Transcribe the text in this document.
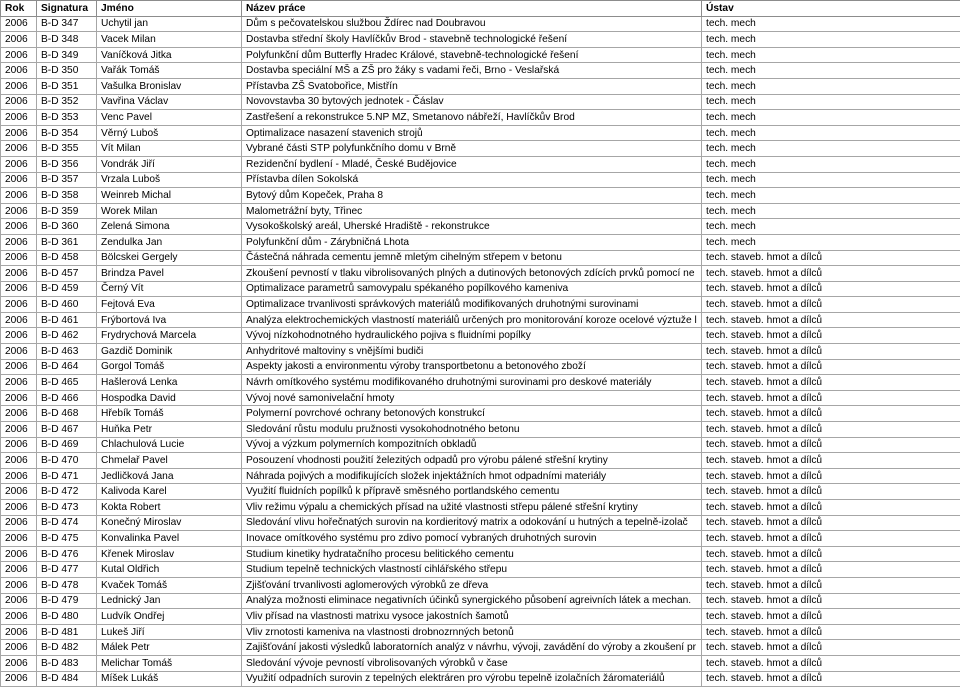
Rok	Signatura	Jméno	Název práce	Ústav
2006	B-D 347	Uchytil jan	Dům s pečovatelskou službou Ždírec nad Doubravou	tech. mech
2006	B-D 348	Vacek Milan	Dostavba střední školy Havlíčkův Brod - stavebně technologické řešení	tech. mech
2006	B-D 349	Vaníčková Jitka	Polyfunkční dům Butterfly Hradec Králové, stavebně-technologické řešení	tech. mech
2006	B-D 350	Vařák Tomáš	Dostavba speciální MŠ a ZŠ pro žáky s vadami řeči, Brno - Veslařská	tech. mech
2006	B-D 351	Vašulka Bronislav	Přístavba ZŠ Svatobořice, Mistřín	tech. mech
2006	B-D 352	Vavřina Václav	Novovstavba 30 bytových jednotek - Čáslav	tech. mech
2006	B-D 353	Venc Pavel	Zastřešení a rekonstrukce 5.NP MZ, Smetanovo nábřeží, Havlíčkův Brod	tech. mech
2006	B-D 354	Věrný Luboš	Optimalizace nasazení stavenich strojů	tech. mech
2006	B-D 355	Vít Milan	Vybrané části STP polyfunkčního domu v Brně	tech. mech
2006	B-D 356	Vondrák Jiří	Rezidenční bydlení - Mladé, České Budějovice	tech. mech
2006	B-D 357	Vrzala Luboš	Přístavba dílen Sokolská	tech. mech
2006	B-D 358	Weinreb Michal	Bytový dům Kopeček, Praha 8	tech. mech
2006	B-D 359	Worek Milan	Malometrážní byty, Třinec	tech. mech
2006	B-D 360	Zelená Simona	Vysokoškolský areál, Uherské Hradiště - rekonstrukce	tech. mech
2006	B-D 361	Zendulka Jan	Polyfunkční dům - Zárybničná Lhota	tech. mech
2006	B-D 458	Bölcskei Gergely	Částečná náhrada cementu jemně mletým cihelným střepem v betonu	tech. staveb. hmot a dílců
2006	B-D 457	Brindza Pavel	Zkoušení pevností v tlaku vibrolisovaných plných a dutinových betonových zdících prvků pomocí ne	tech. staveb. hmot a dílců
2006	B-D 459	Černý Vít	Optimalizace parametrů samovypalu spékaného popílkového kameniva	tech. staveb. hmot a dílců
2006	B-D 460	Fejtová Eva	Optimalizace trvanlivosti správkových materiálů modifikovaných druhotnými surovinami	tech. staveb. hmot a dílců
2006	B-D 461	Frýbortová Iva	Analýza elektrochemických vlastností materiálů určených pro monitorování koroze ocelové výztuže l	tech. staveb. hmot a dílců
2006	B-D 462	Frydrychová Marcela	Vývoj nízkohodnotného hydraulického pojiva s fluidními popílky	tech. staveb. hmot a dílců
2006	B-D 463	Gazdič Dominik	Anhydritové maltoviny s vnějšími budiči	tech. staveb. hmot a dílců
2006	B-D 464	Gorgol Tomáš	Aspekty jakosti a environmentu výroby transportbetonu a betonového zboží	tech. staveb. hmot a dílců
2006	B-D 465	Hašlerová Lenka	Návrh omítkového systému modifikovaného druhotnými surovinami pro deskové materiály	tech. staveb. hmot a dílců
2006	B-D 466	Hospodka David	Vývoj nové samonivelační hmoty	tech. staveb. hmot a dílců
2006	B-D 468	Hřebík Tomáš	Polymerní povrchové ochrany betonových konstrukcí	tech. staveb. hmot a dílců
2006	B-D 467	Huňka Petr	Sledování růstu modulu pružnosti vysokohodnotného betonu	tech. staveb. hmot a dílců
2006	B-D 469	Chlachulová Lucie	Vývoj a výzkum polymerních kompozitních obkladů	tech. staveb. hmot a dílců
2006	B-D 470	Chmelař Pavel	Posouzení vhodnosti použití železitých odpadů pro výrobu pálené střešní krytiny	tech. staveb. hmot a dílců
2006	B-D 471	Jedličková Jana	Náhrada pojivých a modifikujících složek injektážních hmot odpadními materiály	tech. staveb. hmot a dílců
2006	B-D 472	Kalivoda Karel	Využití fluidních popílků k přípravě směsného portlandského cementu	tech. staveb. hmot a dílců
2006	B-D 473	Kokta Robert	Vliv režimu výpalu a chemických přísad na užité vlastnosti střepu pálené střešní krytiny	tech. staveb. hmot a dílců
2006	B-D 474	Konečný Miroslav	Sledování vlivu hořečnatých surovin na kordieritový matrix a odokování u hutných a tepelně-izolač	tech. staveb. hmot a dílců
2006	B-D 475	Konvalinka Pavel	Inovace omítkového systému pro zdivo pomocí vybraných druhotných surovin	tech. staveb. hmot a dílců
2006	B-D 476	Křenek Miroslav	Studium kinetiky hydratačního procesu belitického cementu	tech. staveb. hmot a dílců
2006	B-D 477	Kutal Oldřich	Studium tepelně technických vlastností cihlářského střepu	tech. staveb. hmot a dílců
2006	B-D 478	Kvaček Tomáš	Zjišťování trvanlivosti aglomerových výrobků ze dřeva	tech. staveb. hmot a dílců
2006	B-D 479	Lednický Jan	Analýza možnosti eliminace negativních účinků synergického působení agreivních látek a mechan.	tech. staveb. hmot a dílců
2006	B-D 480	Ludvík Ondřej	Vliv přísad na vlastnosti matrixu vysoce jakostních šamotů	tech. staveb. hmot a dílců
2006	B-D 481	Lukeš Jiří	Vliv zrnotosti kameniva na vlastnosti drobnozrnných betonů	tech. staveb. hmot a dílců
2006	B-D 482	Málek Petr	Zajišťování jakosti výsledků laboratorních analýz v návrhu, vývoji, zavádění do výroby a zkoušení pr	tech. staveb. hmot a dílců
2006	B-D 483	Melichar Tomáš	Sledování vývoje pevností vibrolisovaných výrobků v čase	tech. staveb. hmot a dílců
2006	B-D 484	Míšek Lukáš	Využití odpadních surovin z tepelných elektráren pro výrobu tepelně izolačních žáromateriálů	tech. staveb. hmot a dílců
